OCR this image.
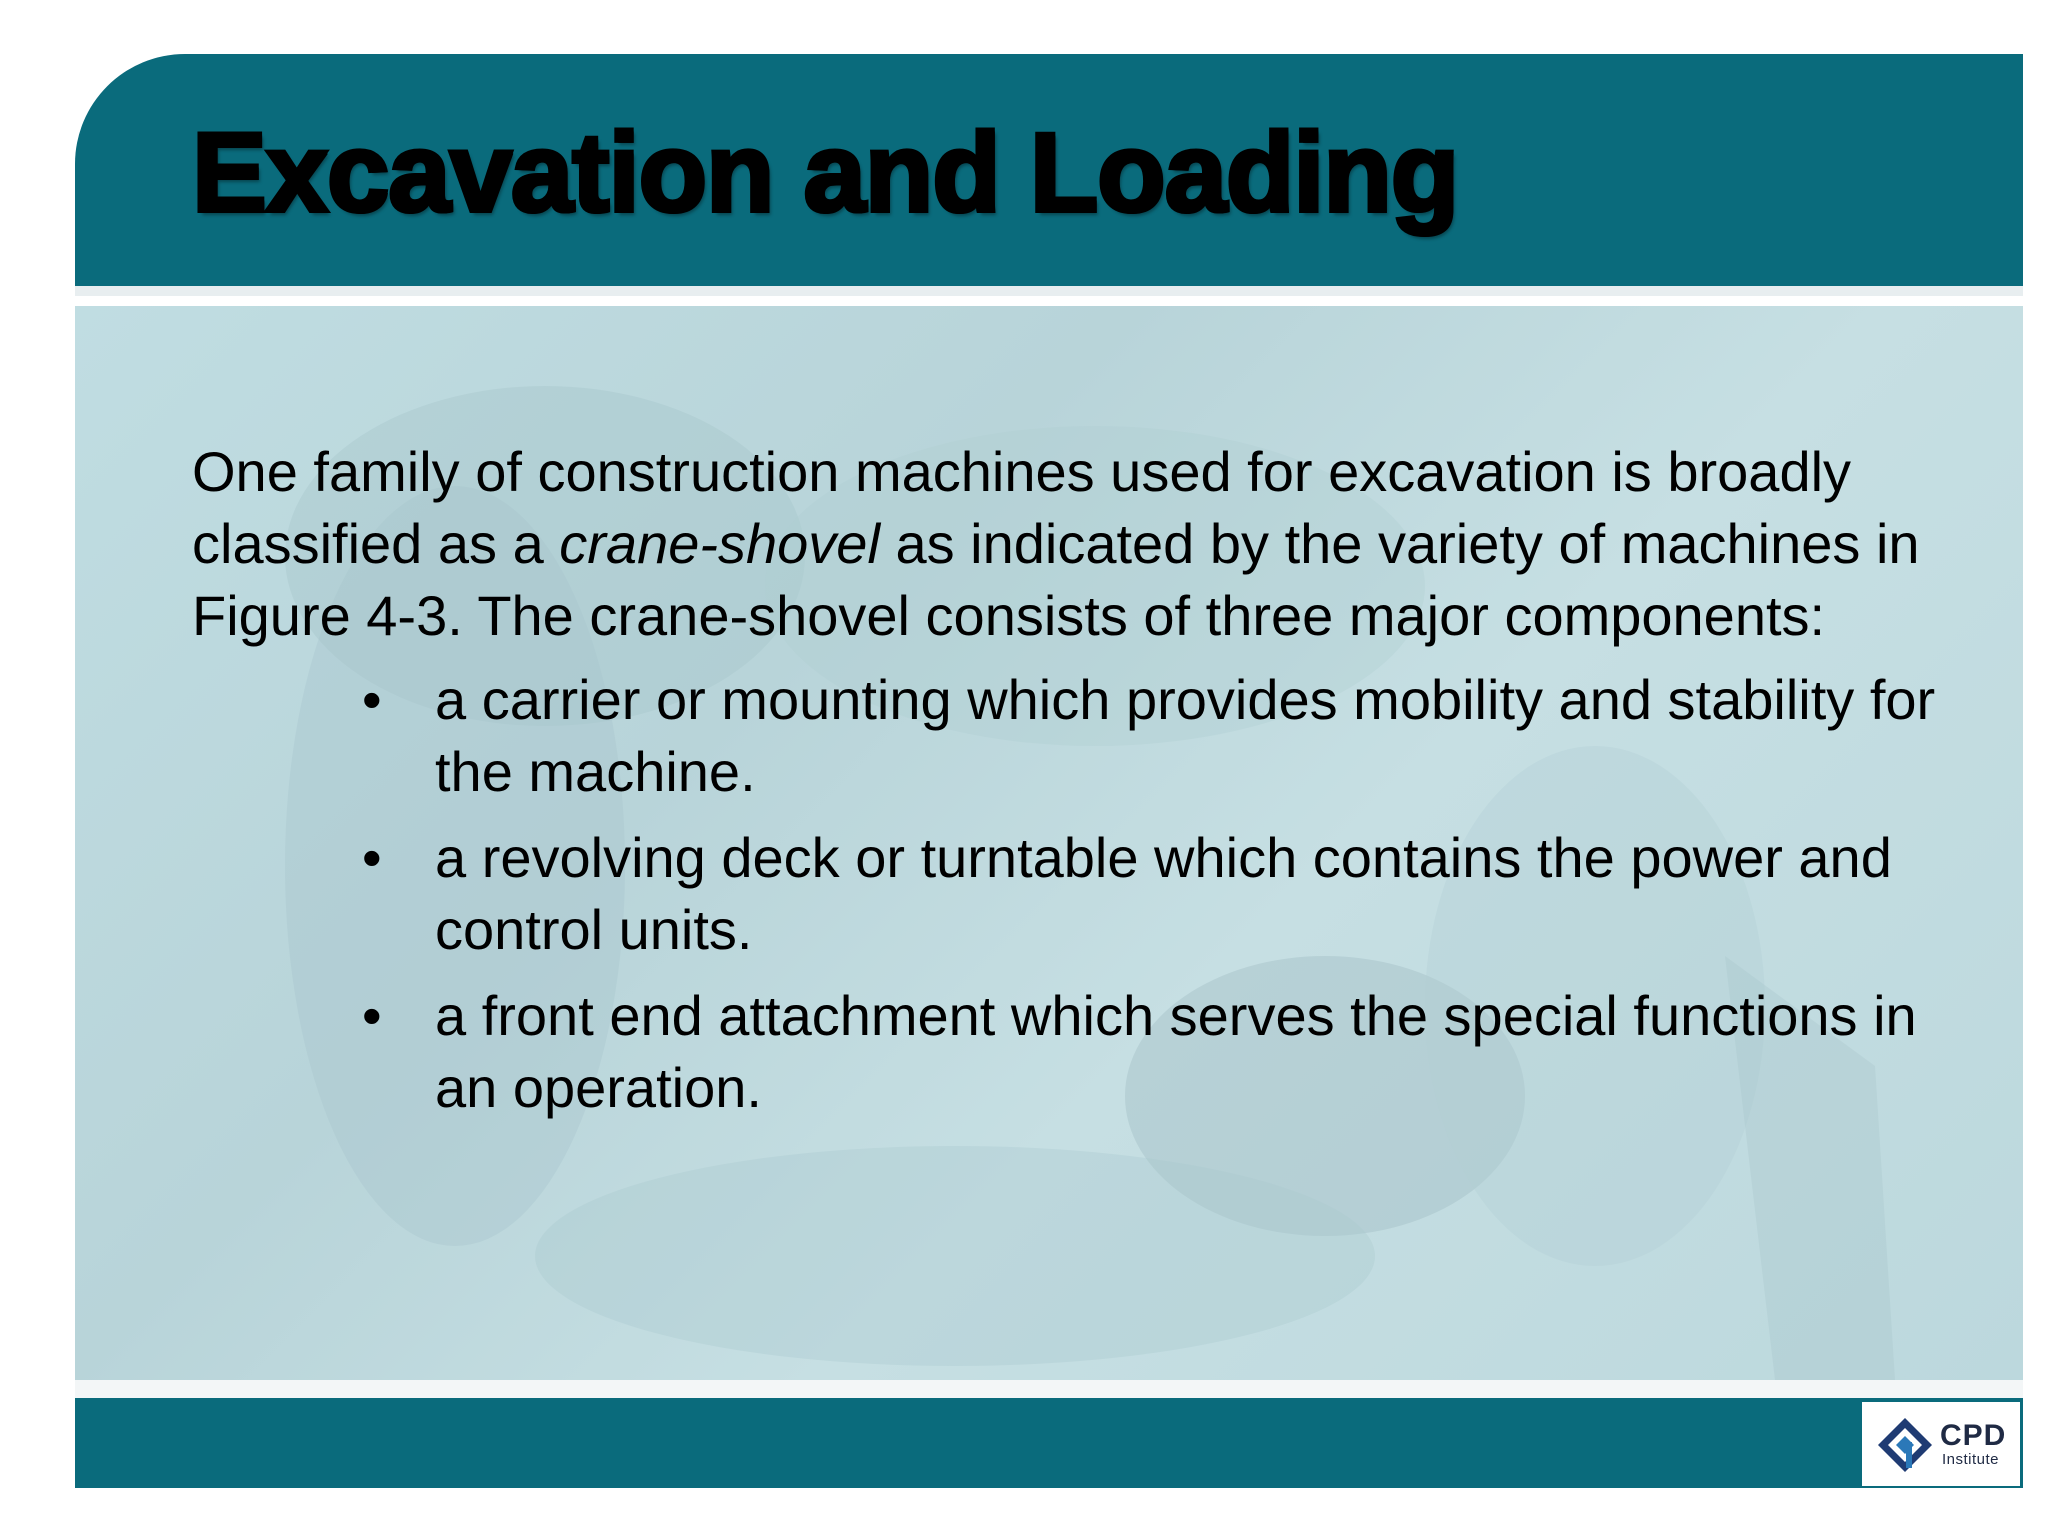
Excavation and Loading

One family of construction machines used for excavation is broadly classified as a crane-shovel as indicated by the variety of machines in Figure 4-3. The crane-shovel consists of three major components:

• a carrier or mounting which provides mobility and stability for the machine.
• a revolving deck or turntable which contains the power and control units.
• a front end attachment which serves the special functions in an operation.
CPD
Institute
